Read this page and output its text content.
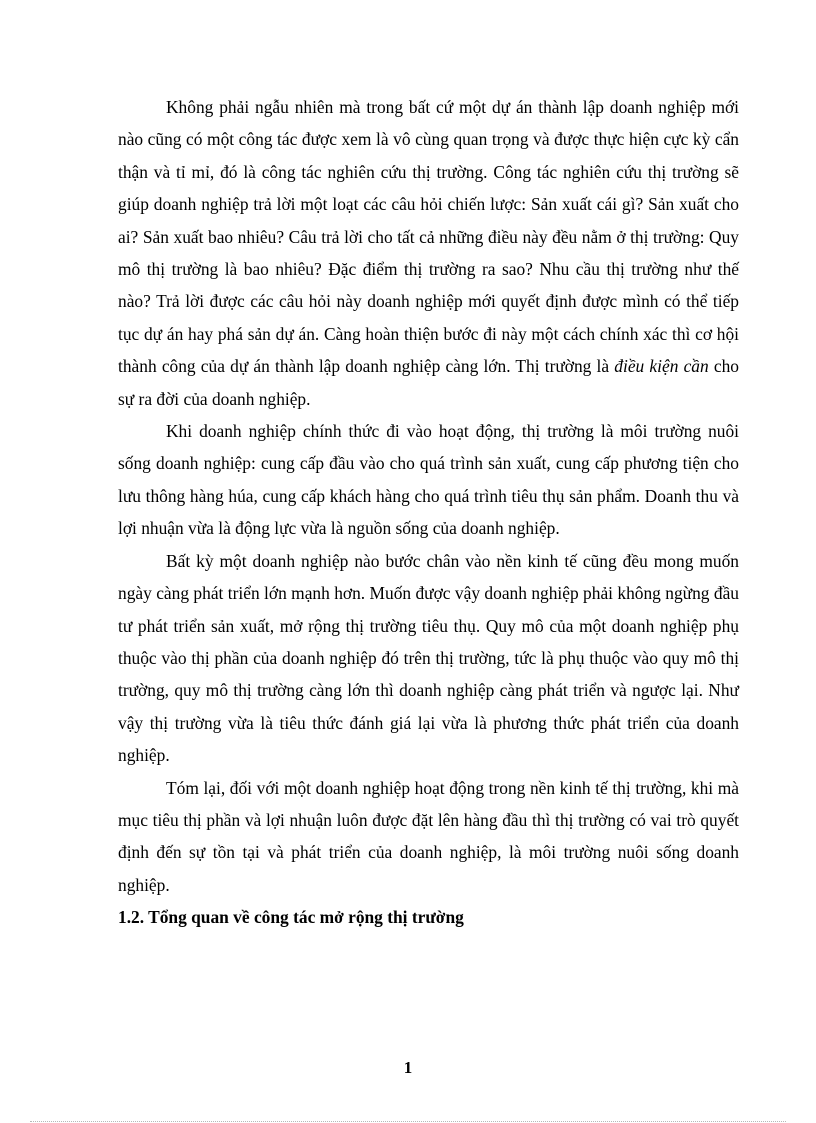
Không phải ngẫu nhiên mà trong bất cứ một dự án thành lập doanh nghiệp mới nào cũng có một công tác được xem là vô cùng quan trọng và được thực hiện cực kỳ cẩn thận và tỉ mỉ, đó là công tác nghiên cứu thị trường. Công tác nghiên cứu thị trường sẽ giúp doanh nghiệp trả lời một loạt các câu hỏi chiến lược: Sản xuất cái gì? Sản xuất cho ai? Sản xuất bao nhiêu? Câu trả lời cho tất cả những điều này đều nằm ở thị trường: Quy mô thị trường là bao nhiêu? Đặc điểm thị trường ra sao? Nhu cầu thị trường như thế nào? Trả lời được các câu hỏi này doanh nghiệp mới quyết định được mình có thể tiếp tục dự án hay phá sản dự án. Càng hoàn thiện bước đi này một cách chính xác thì cơ hội thành công của dự án thành lập doanh nghiệp càng lớn. Thị trường là điều kiện cần cho sự ra đời của doanh nghiệp.

Khi doanh nghiệp chính thức đi vào hoạt động, thị trường là môi trường nuôi sống doanh nghiệp: cung cấp đầu vào cho quá trình sản xuất, cung cấp phương tiện cho lưu thông hàng húa, cung cấp khách hàng cho quá trình tiêu thụ sản phẩm. Doanh thu và lợi nhuận vừa là động lực vừa là nguồn sống của doanh nghiệp.

Bất kỳ một doanh nghiệp nào bước chân vào nền kinh tế cũng đều mong muốn ngày càng phát triển lớn mạnh hơn. Muốn được vậy doanh nghiệp phải không ngừng đầu tư phát triển sản xuất, mở rộng thị trường tiêu thụ. Quy mô của một doanh nghiệp phụ thuộc vào thị phần của doanh nghiệp đó trên thị trường, tức là phụ thuộc vào quy mô thị trường, quy mô thị trường càng lớn thì doanh nghiệp càng phát triển và ngược lại. Như vậy thị trường vừa là tiêu thức đánh giá lại vừa là phương thức phát triển của doanh nghiệp.

Tóm lại, đối với một doanh nghiệp hoạt động trong nền kinh tế thị trường, khi mà mục tiêu thị phần và lợi nhuận luôn được đặt lên hàng đầu thì thị trường có vai trò quyết định đến sự tồn tại và phát triển của doanh nghiệp, là môi trường nuôi sống doanh nghiệp.

1.2. Tổng quan về công tác mở rộng thị trường

1
